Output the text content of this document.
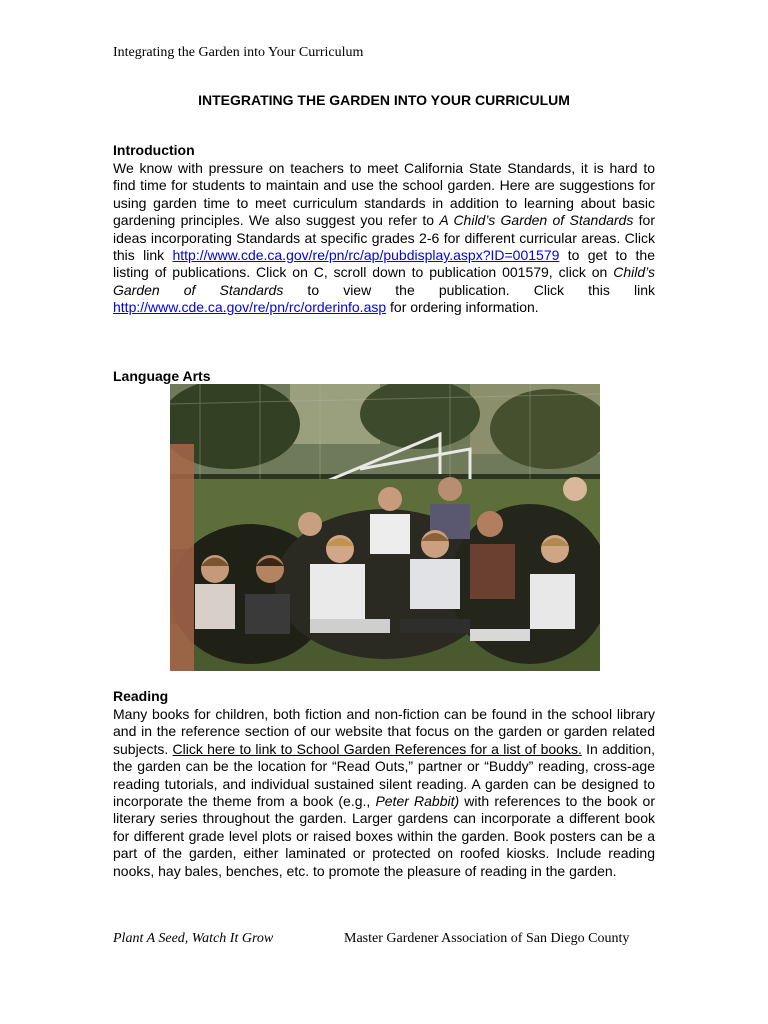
Integrating the Garden into Your Curriculum
INTEGRATING THE GARDEN INTO YOUR CURRICULUM
Introduction
We know with pressure on teachers to meet California State Standards, it is hard to find time for students to maintain and use the school garden. Here are suggestions for using garden time to meet curriculum standards in addition to learning about basic gardening principles. We also suggest you refer to A Child’s Garden of Standards for ideas incorporating Standards at specific grades 2-6 for different curricular areas. Click this link http://www.cde.ca.gov/re/pn/rc/ap/pubdisplay.aspx?ID=001579 to get to the listing of publications. Click on C, scroll down to publication 001579, click on Child’s Garden of Standards to view the publication. Click this link http://www.cde.ca.gov/re/pn/rc/orderinfo.asp for ordering information.
Language Arts
Reading
Many books for children, both fiction and non-fiction can be found in the school library and in the reference section of our website that focus on the garden or garden related subjects. Click here to link to School Garden References for a list of books. In addition, the garden can be the location for “Read Outs,” partner or “Buddy” reading, cross-age reading tutorials, and individual sustained silent reading. A garden can be designed to incorporate the theme from a book (e.g., Peter Rabbit) with references to the book or literary series throughout the garden. Larger gardens can incorporate a different book for different grade level plots or raised boxes within the garden. Book posters can be a part of the garden, either laminated or protected on roofed kiosks. Include reading nooks, hay bales, benches, etc. to promote the pleasure of reading in the garden.
Plant A Seed, Watch It Grow	Master Gardener Association of San Diego County
